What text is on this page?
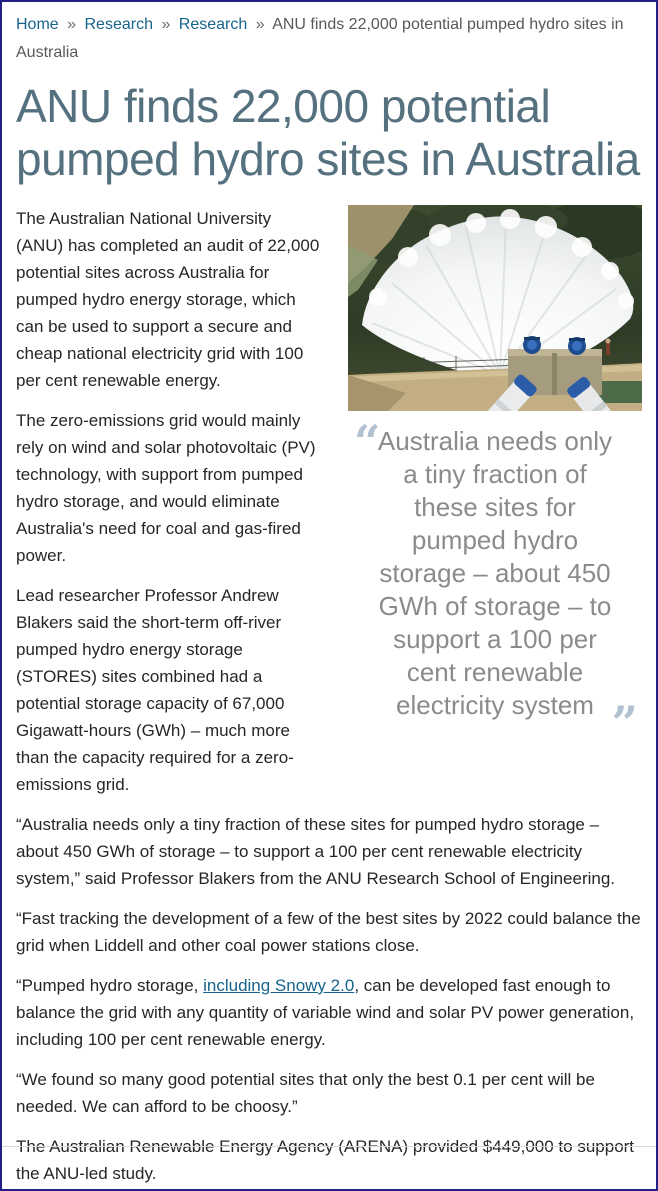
Home » Research » Research » ANU finds 22,000 potential pumped hydro sites in Australia
ANU finds 22,000 potential pumped hydro sites in Australia
“
Australia needs only a tiny fraction of these sites for pumped hydro storage – about 450 GWh of storage – to support a 100 per cent renewable electricity system ”

The Australian National University (ANU) has completed an audit of 22,000 potential sites across Australia for pumped hydro energy storage, which can be used to support a secure and cheap national electricity grid with 100 per cent renewable energy.

The zero-emissions grid would mainly rely on wind and solar photovoltaic (PV) technology, with support from pumped hydro storage, and would eliminate Australia's need for coal and gas-fired power.

Lead researcher Professor Andrew Blakers said the short-term off-river pumped hydro energy storage (STORES) sites combined had a potential storage capacity of 67,000 Gigawatt-hours (GWh) – much more than the capacity required for a zero-emissions grid.

“Australia needs only a tiny fraction of these sites for pumped hydro storage – about 450 GWh of storage – to support a 100 per cent renewable electricity system,” said Professor Blakers from the ANU Research School of Engineering.

“Fast tracking the development of a few of the best sites by 2022 could balance the grid when Liddell and other coal power stations close.

“Pumped hydro storage, including Snowy 2.0, can be developed fast enough to balance the grid with any quantity of variable wind and solar PV power generation, including 100 per cent renewable energy.

“We found so many good potential sites that only the best 0.1 per cent will be needed. We can afford to be choosy.”

The Australian Renewable Energy Agency (ARENA) provided $449,000 to support the ANU-led study.
